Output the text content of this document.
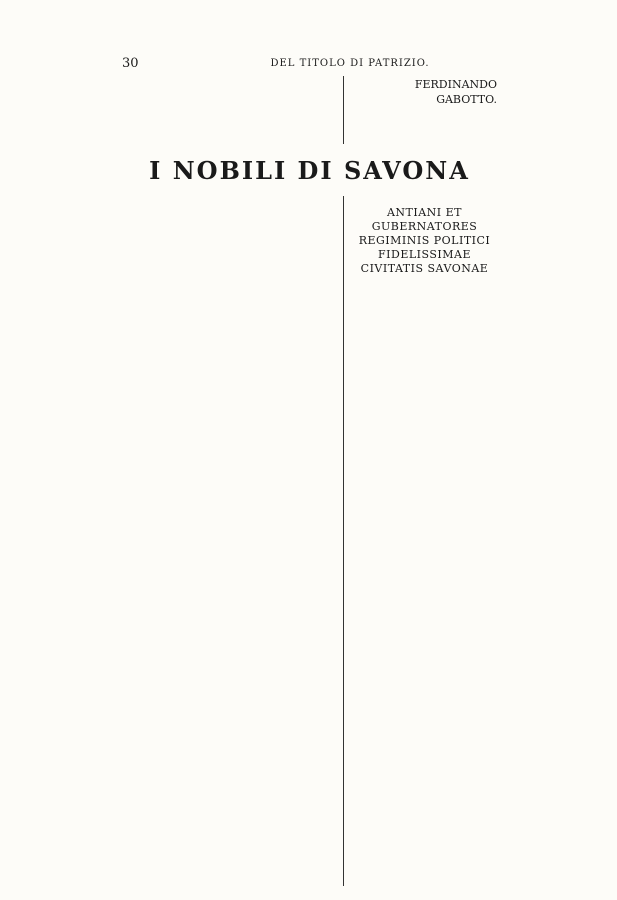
30	DEL TITOLO DI PATRIZIO.
FERDINANDO GABOTTO.
I NOBILI DI SAVONA
ANTIANI ET GUBERNATORES REGIMINIS POLITICI FIDELISSIMAE CIVITATIS SAVONAE
